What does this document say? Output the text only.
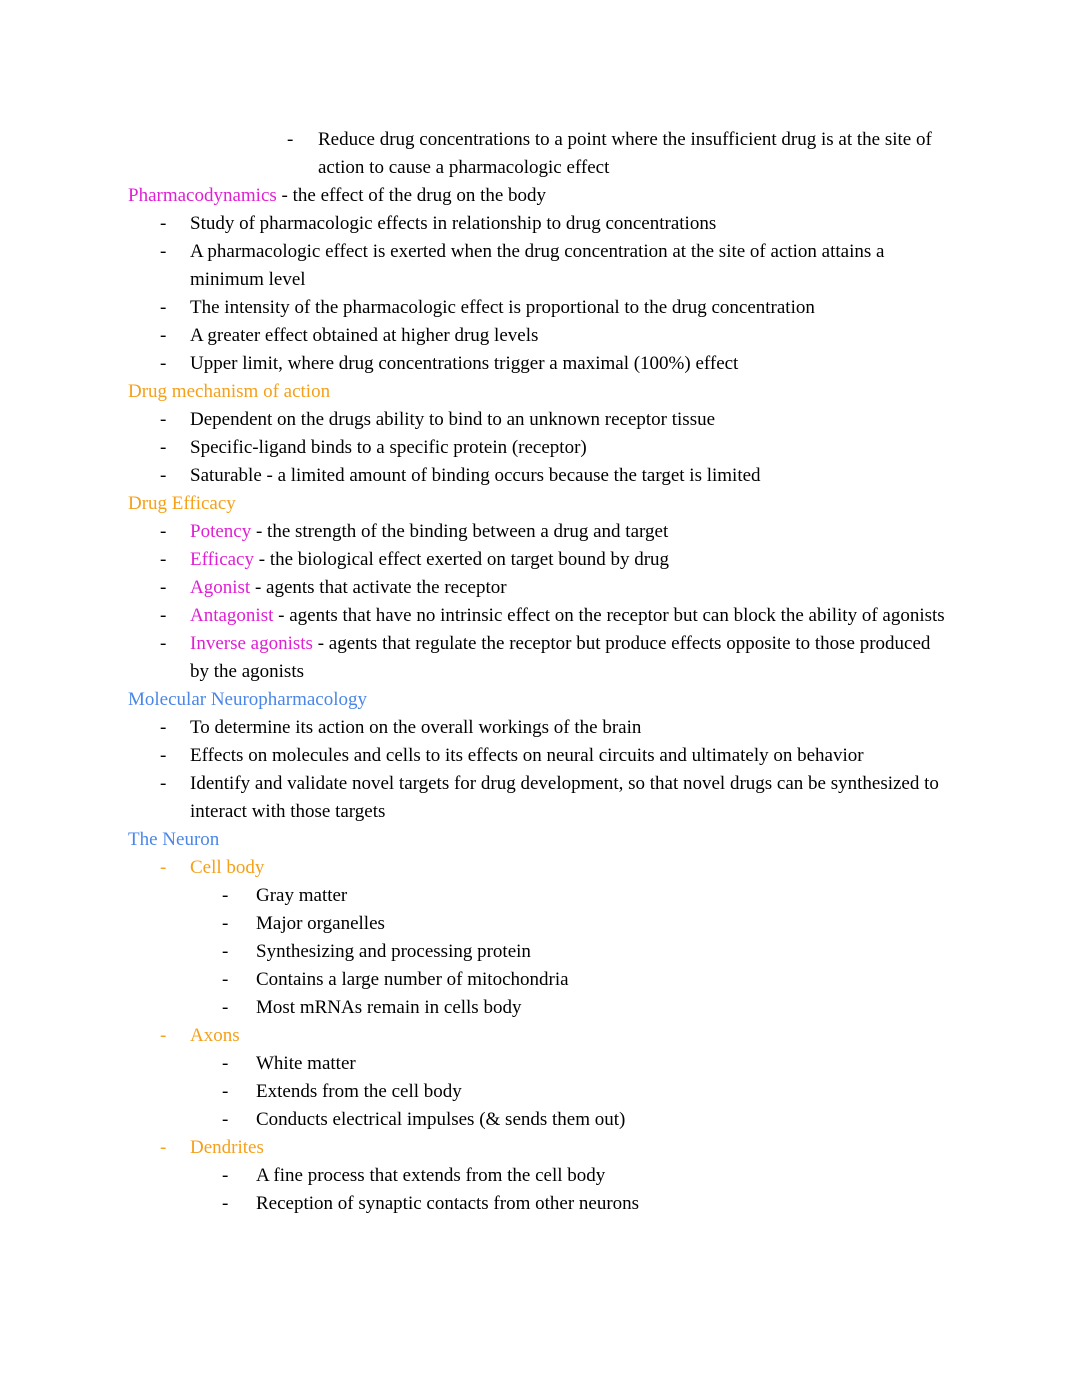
-	Reduce drug concentrations to a point where the insufficient drug is at the site of action to cause a pharmacologic effect
Pharmacodynamics - the effect of the drug on the body
-	Study of pharmacologic effects in relationship to drug concentrations
-	A pharmacologic effect is exerted when the drug concentration at the site of action attains a minimum level
-	The intensity of the pharmacologic effect is proportional to the drug concentration
-	A greater effect obtained at higher drug levels
-	Upper limit, where drug concentrations trigger a maximal (100%) effect
Drug mechanism of action
-	Dependent on the drugs ability to bind to an unknown receptor tissue
-	Specific-ligand binds to a specific protein (receptor)
-	Saturable - a limited amount of binding occurs because the target is limited
Drug Efficacy
-	Potency - the strength of the binding between a drug and target
-	Efficacy - the biological effect exerted on target bound by drug
-	Agonist - agents that activate the receptor
-	Antagonist - agents that have no intrinsic effect on the receptor but can block the ability of agonists
-	Inverse agonists - agents that regulate the receptor but produce effects opposite to those produced by the agonists
Molecular Neuropharmacology
-	To determine its action on the overall workings of the brain
-	Effects on molecules and cells to its effects on neural circuits and ultimately on behavior
-	Identify and validate novel targets for drug development, so that novel drugs can be synthesized to interact with those targets
The Neuron
-	Cell body
-	Gray matter
-	Major organelles
-	Synthesizing and processing protein
-	Contains a large number of mitochondria
-	Most mRNAs remain in cells body
-	Axons
-	White matter
-	Extends from the cell body
-	Conducts electrical impulses (& sends them out)
-	Dendrites
-	A fine process that extends from the cell body
-	Reception of synaptic contacts from other neurons
